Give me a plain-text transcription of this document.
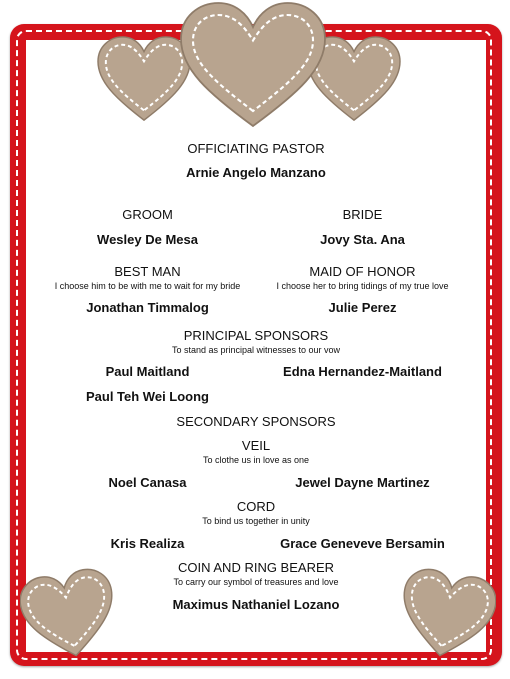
OFFICIATING PASTOR
Arnie Angelo Manzano
GROOM	BRIDE
Wesley De Mesa	Jovy Sta. Ana
BEST MAN	MAID OF HONOR
I choose him to be with me to wait for my bride	I choose her to bring tidings of my true love
Jonathan Timmalog	Julie Perez
PRINCIPAL SPONSORS
To stand as principal witnesses to our vow
Paul Maitland	Edna Hernandez-Maitland
Paul Teh Wei Loong
SECONDARY SPONSORS
VEIL
To clothe us in love as one
Noel Canasa	Jewel Dayne Martinez
CORD
To bind us together in unity
Kris Realiza	Grace Geneveve Bersamin
COIN AND RING BEARER
To carry our symbol of treasures and love
Maximus Nathaniel Lozano
